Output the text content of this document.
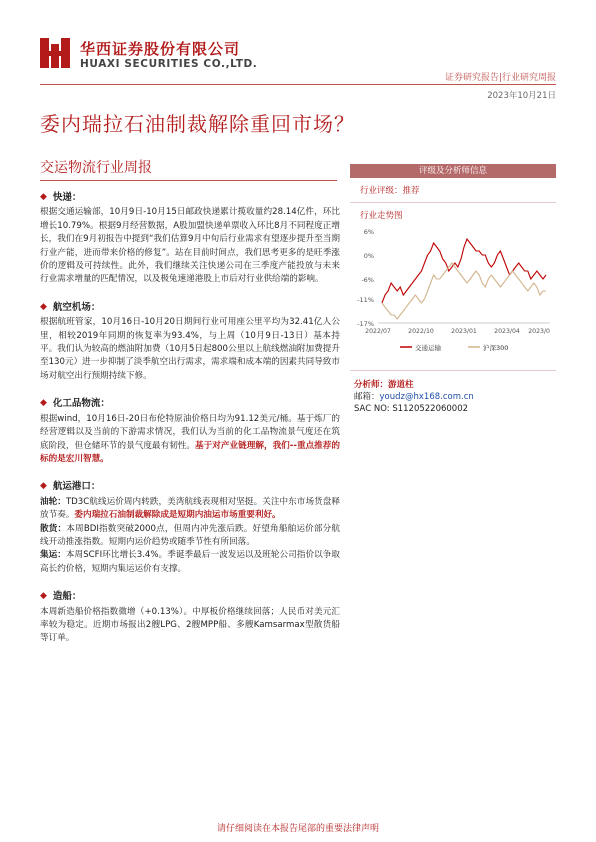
华西证券股份有限公司
HUAXI SECURITIES CO.,LTD.
证券研究报告|行业研究周报
2023年10月21日
委内瑞拉石油制裁解除重回市场？
交运物流行业周报
◆ 快递：

根据交通运输部，10月9日-10月15日邮政快递累计揽收量约28.14亿件，环比增长10.79%。根据9月经营数据，A股加盟快递单票收入环比8月不同程度正增长，我们在9月初报告中提到“我们估算9月中旬后行业需求有望逐步提升至当期行业产能，进而带来价格的修复”。站在目前时间点，我们思考更多的是旺季涨价的逻辑及可持续性。此外，我们继续关注快递公司在三季度产能投放与未来行业需求增量的匹配情况，以及极兔速递港股上市后对行业供给端的影响。

◆ 航空机场：

根据航班管家，10月16日-10月20日期间行业可用座公里平均为32.41亿人公里，相较2019年同期的恢复率为93.4%，与上周（10月9日-13日）基本持平。我们认为较高的燃油附加费（10月5日起800公里以上航线燃油附加费提升至130元）进一步抑制了淡季航空出行需求，需求端和成本端的因素共同导致市场对航空出行预期持续下修。

◆ 化工品物流：

根据wind，10月16日-20日布伦特原油价格日均为91.12美元/桶。基于炼厂的经营逻辑以及当前的下游需求情况，我们认为当前的化工品物流景气度还在筑底阶段，但仓储环节的景气度最有韧性。基于对产业链理解，我们--重点推荐的标的是宏川智慧。

◆ 航运港口：

油轮：TD3C航线运价周内转跌，美湾航线表现相对坚挺。关注中东市场货盘释放节奏。委内瑞拉石油制裁解除成是短期内油运市场重要利好。

散货：本周BDI指数突破2000点，但周内冲先涨后跌。好望角船舶运价部分航线开动推涨指数。短期内运价趋势或随季节性有所回落。

集运：本周SCFI环比增长3.4%。季诞季最后一波发运以及班轮公司指价以争取高长约价格，短期内集运运价有支撑。

◆ 造船：

本周新造船价格指数微增（+0.13%）。中厚板价格继续回落；人民币对美元汇率较为稳定。近期市场报出2艘LPG、2艘MPP船、多艘Kamsarmax型散货船等订单。

评级及分析师信息
行业评级：推荐
行业走势图
6%
0%
-6%
-11%
-17%
2022/07	2022/10	2023/01	2023/04 2023/0
交通运输	沪深300
分析师：游道柱
邮箱：youdz@hx168.com.cn
SAC NO: S1120522060002
请仔细阅读在本报告尾部的重要法律声明
